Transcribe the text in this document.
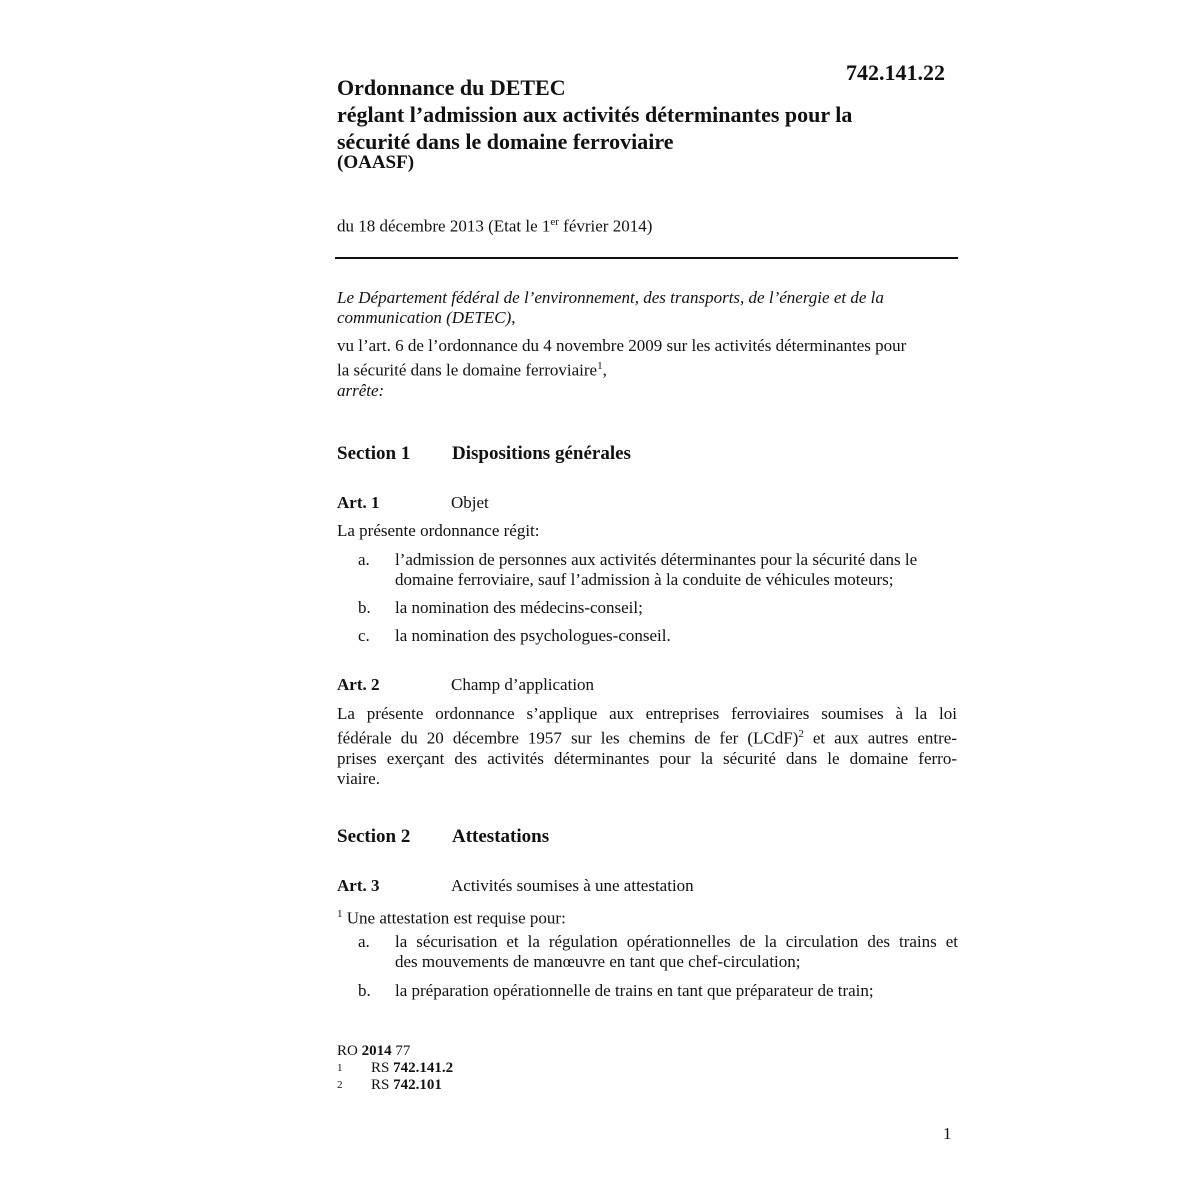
742.141.22
Ordonnance du DETEC
réglant l’admission aux activités déterminantes pour la
sécurité dans le domaine ferroviaire
(OAASF)
du 18 décembre 2013 (Etat le 1er février 2014)
Le Département fédéral de l’environnement, des transports, de l’énergie et de la
communication (DETEC),
vu l’art. 6 de l’ordonnance du 4 novembre 2009 sur les activités déterminantes pour
la sécurité dans le domaine ferroviaire$^1$,
arrête:
Section 1 Dispositions générales
Art. 1	Objet
La présente ordonnance régit:
a. l’admission de personnes aux activités déterminantes pour la sécurité dans le
domaine ferroviaire, sauf l’admission à la conduite de véhicules moteurs;
b. la nomination des médecins-conseil;
c. la nomination des psychologues-conseil.
Art. 2	Champ d’application
La présente ordonnance s’applique aux entreprises ferroviaires soumises à la loi
fédérale du 20 décembre 1957 sur les chemins de fer (LCdF)$^2$ et aux autres entre-
prises exerçant des activités déterminantes pour la sécurité dans le domaine ferro-
viaire.
Section 2 Attestations
Art. 3	Activités soumises à une attestation
$^1$ Une attestation est requise pour:
a. la sécurisation et la régulation opérationnelles de la circulation des trains et
des mouvements de manœuvre en tant que chef-circulation;
b. la préparation opérationnelle de trains en tant que préparateur de train;
RO 2014 77
1 RS 742.141.2
2 RS 742.101
1
